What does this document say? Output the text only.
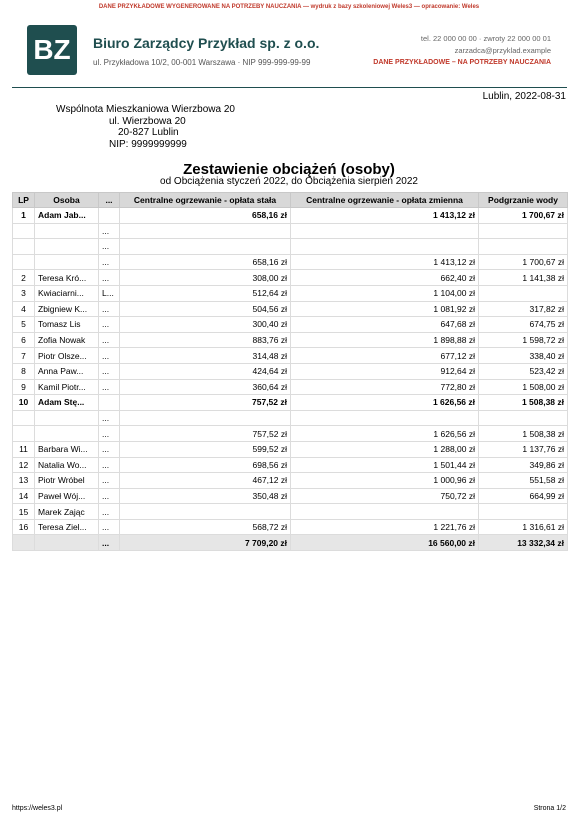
DANE PRZYKŁADOWE WYGENEROWANE NA POTRZEBY NAUCZANIA — wydruk z bazy szkoleniowej Weles3 — opracowanie: Weles
BZ	Biuro Zarządcy Przykład sp. z o.o.
ul. Przykładowa 10/2, 00-001 Warszawa · NIP 999-999-99-99
tel. 22 000 00 00 · zwroty 22 000 00 01
zarzadca@przyklad.example
DANE PRZYKŁADOWE – NA POTRZEBY NAUCZANIA
Lublin, 2022-08-31
Wspólnota Mieszkaniowa Wierzbowa 20
ul. Wierzbowa 20
20-827 Lublin
NIP: 9999999999
Zestawienie obciążeń (osoby)
od Obciążenia styczeń 2022, do Obciążenia sierpień 2022
LP	Osoba	...	Centralne ogrzewanie - opłata stała	Centralne ogrzewanie - opłata zmienna	Podgrzanie wody
1	Adam Jab...		658,16 zł	1 413,12 zł	1 700,67 zł
		...			
		...			
		...	658,16 zł	1 413,12 zł	1 700,67 zł
2	Teresa Kró...	...	308,00 zł	662,40 zł	1 141,38 zł
3	Kwiaciarni...	L...	512,64 zł	1 104,00 zł	
4	Zbigniew K...	...	504,56 zł	1 081,92 zł	317,82 zł
5	Tomasz Lis	...	300,40 zł	647,68 zł	674,75 zł
6	Zofia Nowak	...	883,76 zł	1 898,88 zł	1 598,72 zł
7	Piotr Olsze...	...	314,48 zł	677,12 zł	338,40 zł
8	Anna Paw...	...	424,64 zł	912,64 zł	523,42 zł
9	Kamil Piotr...	...	360,64 zł	772,80 zł	1 508,00 zł
10	Adam Stę...		757,52 zł	1 626,56 zł	1 508,38 zł
		...			
		...	757,52 zł	1 626,56 zł	1 508,38 zł
11	Barbara Wi...	...	599,52 zł	1 288,00 zł	1 137,76 zł
12	Natalia Wo...	...	698,56 zł	1 501,44 zł	349,86 zł
13	Piotr Wróbel	...	467,12 zł	1 000,96 zł	551,58 zł
14	Paweł Wój...	...	350,48 zł	750,72 zł	664,99 zł
15	Marek Zając	...			
16	Teresa Ziel...	...	568,72 zł	1 221,76 zł	1 316,61 zł
		...	7 709,20 zł	16 560,00 zł	13 332,34 zł
https://weles3.pl	Strona 1/2
